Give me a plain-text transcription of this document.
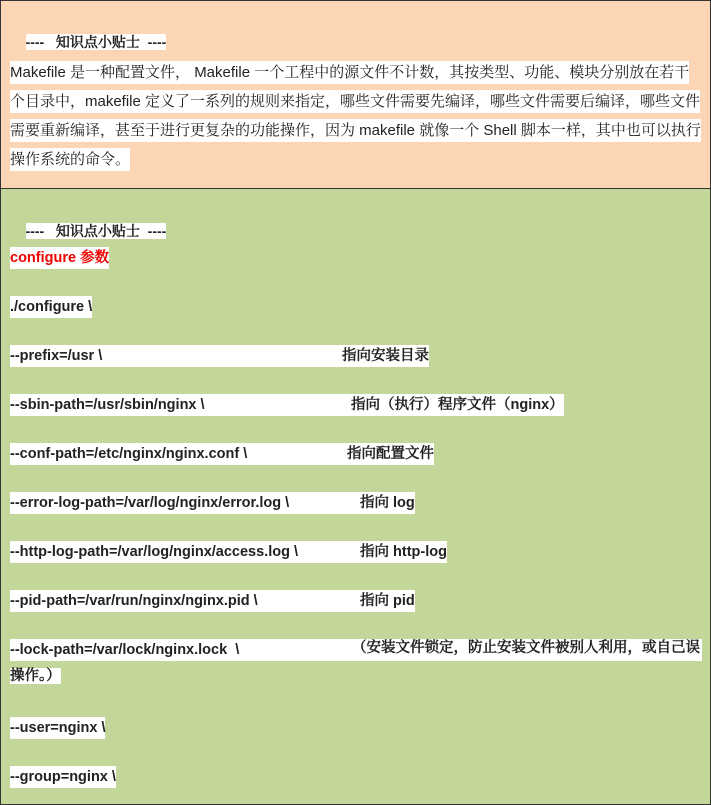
----   知识点小贴士  ----

Makefile 是一种配置文件， Makefile 一个工程中的源文件不计数，其按类型、功能、模块分别放在若干个目录中，makefile 定义了一系列的规则来指定，哪些文件需要先编译，哪些文件需要后编译，哪些文件需要重新编译，甚至于进行更复杂的功能操作，因为 makefile 就像一个 Shell 脚本一样，其中也可以执行操作系统的命令。

----   知识点小贴士  ----

configure 参数
./configure \
--prefix=/usr \	指向安装目录
--sbin-path=/usr/sbin/nginx \	指向（执行）程序文件（nginx）
--conf-path=/etc/nginx/nginx.conf \	指向配置文件
--error-log-path=/var/log/nginx/error.log \	指向 log
--http-log-path=/var/log/nginx/access.log \	指向 http-log
--pid-path=/var/run/nginx/nginx.pid \	指向 pid
--lock-path=/var/lock/nginx.lock  \	（安装文件锁定，防止安装文件被别人利用，或自己误操作。）
--user=nginx \
--group=nginx \
